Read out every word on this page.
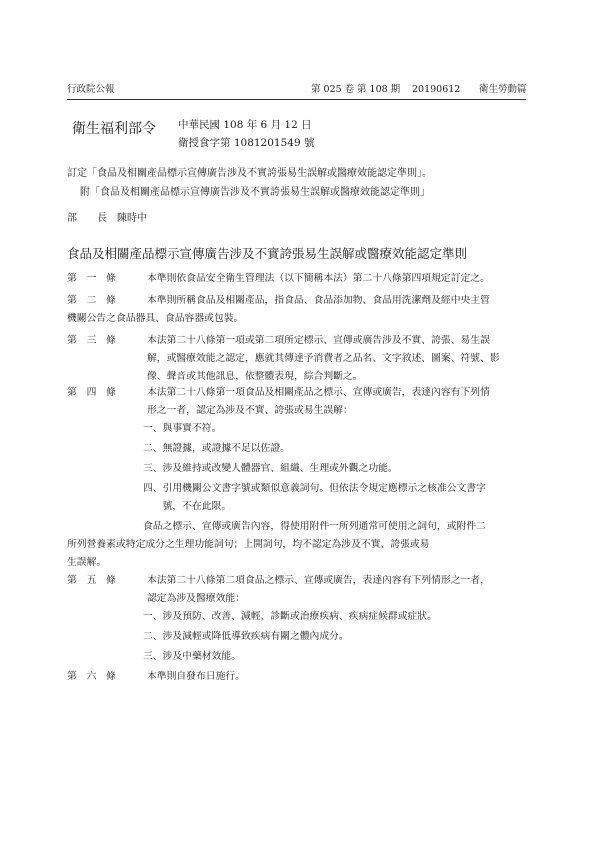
行政院公報	第 025 卷 第 108 期 20190612 衛生勞動篇
衛生福利部令 中華民國 108 年 6 月 12 日
衛授食字第 1081201549 號
訂定「食品及相關產品標示宣傳廣告涉及不實誇張易生誤解或醫療效能認定準則」。
附「食品及相關產品標示宣傳廣告涉及不實誇張易生誤解或醫療效能認定準則」
部　　長　陳時中
食品及相關產品標示宣傳廣告涉及不實誇張易生誤解或醫療效能認定準則
第　一　條	本準則依食品安全衛生管理法（以下簡稱本法）第二十八條第四項規定訂定之。
第　二　條	本準則所稱食品及相關產品，指食品、食品添加物、食品用洗潔劑及經中央主管
機關公告之食品器具、食品容器或包裝。
第　三　條	本法第二十八條第一項或第二項所定標示、宣傳或廣告涉及不實、誇張、易生誤
解，或醫療效能之認定，應就其傳達予消費者之品名、文字敘述、圖案、符號、影
像、聲音或其他訊息，依整體表現，綜合判斷之。
第　四　條	本法第二十八條第一項食品及相關產品之標示、宣傳或廣告，表達內容有下列情
形之一者，認定為涉及不實、誇張或易生誤解：
一、與事實不符。
二、無證據，或證據不足以佐證。
三、涉及維持或改變人體器官、組織、生理或外觀之功能。
四、引用機關公文書字號或類似意義詞句。但依法令規定應標示之核准公文書字
　　號，不在此限。
食品之標示、宣傳或廣告內容，得使用附件一所列通常可使用之詞句，或附件二
所列營養素或特定成分之生理功能詞句；上開詞句，均不認定為涉及不實、誇張或易
生誤解。
第　五　條	本法第二十八條第二項食品之標示、宣傳或廣告，表達內容有下列情形之一者，
認定為涉及醫療效能：
一、涉及預防、改善、減輕、診斷或治療疾病、疾病症候群或症狀。
二、涉及減輕或降低導致疾病有關之體內成分。
三、涉及中藥材效能。
第　六　條	本準則自發布日施行。
